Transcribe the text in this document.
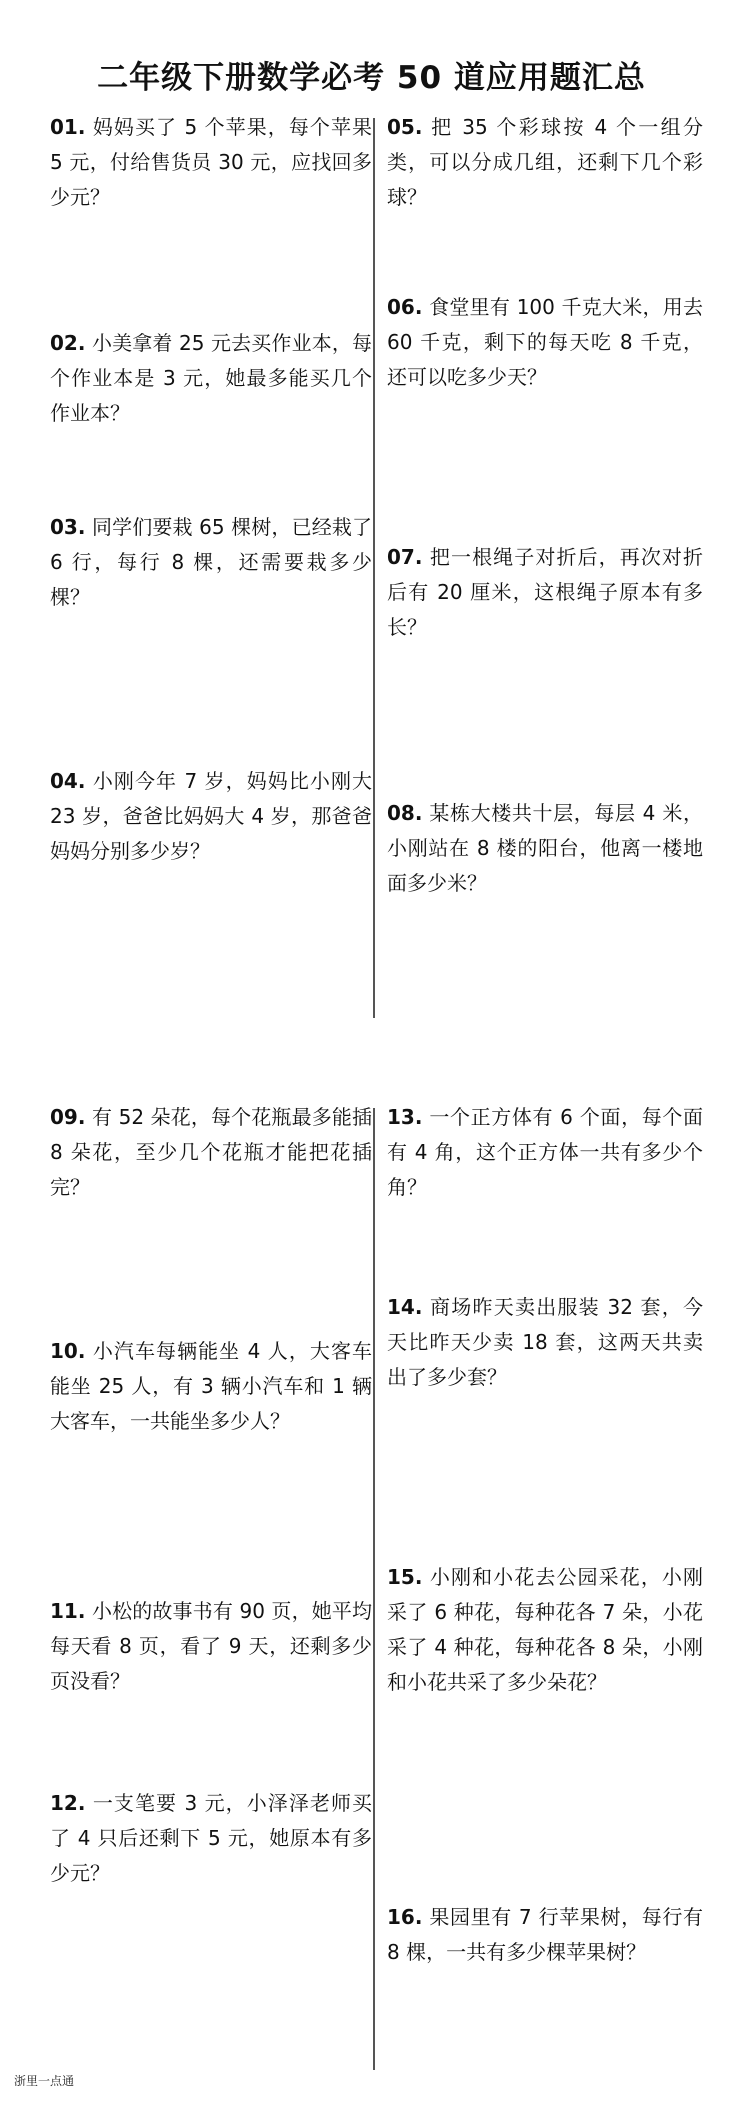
二年级下册数学必考 50 道应用题汇总

01. 妈妈买了 5 个苹果，每个苹果 5 元，付给售货员 30 元，应找回多少元？

02. 小美拿着 25 元去买作业本，每个作业本是 3 元，她最多能买几个作业本？

03. 同学们要栽 65 棵树，已经栽了 6 行，每行 8 棵，还需要栽多少棵？

04. 小刚今年 7 岁，妈妈比小刚大 23 岁，爸爸比妈妈大 4 岁，那爸爸妈妈分别多少岁？

05. 把 35 个彩球按 4 个一组分类，可以分成几组，还剩下几个彩球？

06. 食堂里有 100 千克大米，用去 60 千克，剩下的每天吃 8 千克，还可以吃多少天？

07. 把一根绳子对折后，再次对折后有 20 厘米，这根绳子原本有多长？

08. 某栋大楼共十层，每层 4 米，小刚站在 8 楼的阳台，他离一楼地面多少米？

09. 有 52 朵花，每个花瓶最多能插 8 朵花，至少几个花瓶才能把花插完？

10. 小汽车每辆能坐 4 人，大客车能坐 25 人，有 3 辆小汽车和 1 辆大客车，一共能坐多少人？

11. 小松的故事书有 90 页，她平均每天看 8 页，看了 9 天，还剩多少页没看？

12. 一支笔要 3 元，小泽泽老师买了 4 只后还剩下 5 元，她原本有多少元？

13. 一个正方体有 6 个面，每个面有 4 角，这个正方体一共有多少个角？

14. 商场昨天卖出服装 32 套，今天比昨天少卖 18 套，这两天共卖出了多少套？

15. 小刚和小花去公园采花，小刚采了 6 种花，每种花各 7 朵，小花采了 4 种花，每种花各 8 朵，小刚和小花共采了多少朵花？

16. 果园里有 7 行苹果树，每行有 8 棵，一共有多少棵苹果树？

浙里一点通
